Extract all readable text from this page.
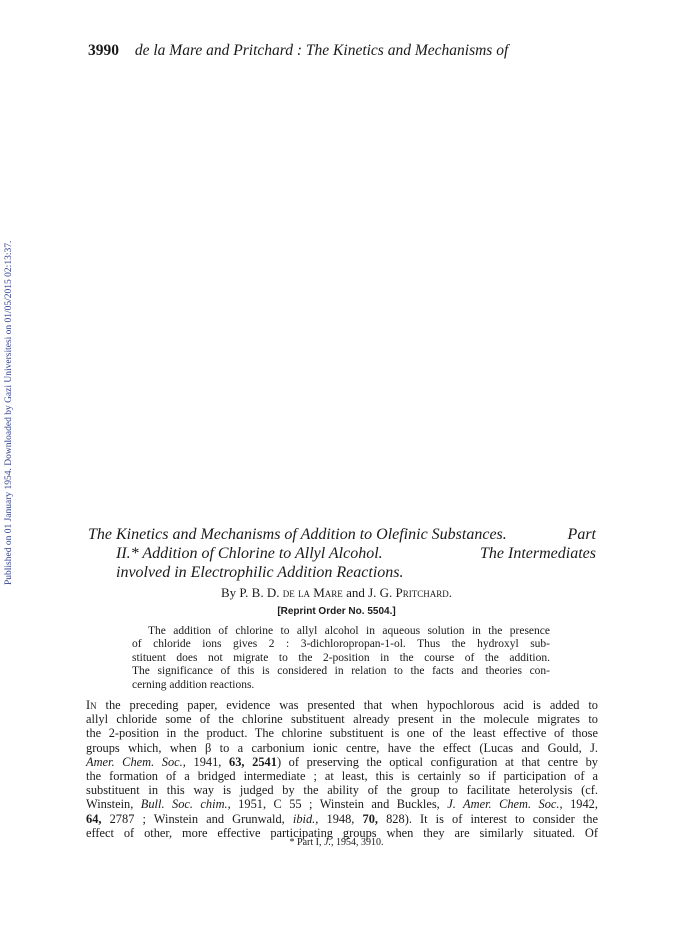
3990 de la Mare and Pritchard : The Kinetics and Mechanisms of
Published on 01 January 1954. Downloaded by Gazi Universitesi on 01/05/2015 02:13:37.	The Kinetics and Mechanisms of Addition to Olefinic Substances.	Part
II.* Addition of Chlorine to Allyl Alcohol.	The Intermediates
involved in Electrophilic Addition Reactions.
By P. B. D. de la Mare and J. G. Pritchard.
[Reprint Order No. 5504.]
The addition of chlorine to allyl alcohol in aqueous solution in the presence
of chloride ions gives 2 : 3-dichloropropan-1-ol. Thus the hydroxyl sub-
stituent does not migrate to the 2-position in the course of the addition.
The significance of this is considered in relation to the facts and theories con-
cerning addition reactions.
In the preceding paper, evidence was presented that when hypochlorous acid is added to
allyl chloride some of the chlorine substituent already present in the molecule migrates to
the 2-position in the product. The chlorine substituent is one of the least effective of those
groups which, when β to a carbonium ionic centre, have the effect (Lucas and Gould, J.
Amer. Chem. Soc., 1941, 63, 2541) of preserving the optical configuration at that centre by
the formation of a bridged intermediate ; at least, this is certainly so if participation of a
substituent in this way is judged by the ability of the group to facilitate heterolysis (cf.
Winstein, Bull. Soc. chim., 1951, C 55 ; Winstein and Buckles, J. Amer. Chem. Soc., 1942,
64, 2787 ; Winstein and Grunwald, ibid., 1948, 70, 828). It is of interest to consider the
effect of other, more effective participating groups when they are similarly situated. Of
* Part I, J., 1954, 3910.
